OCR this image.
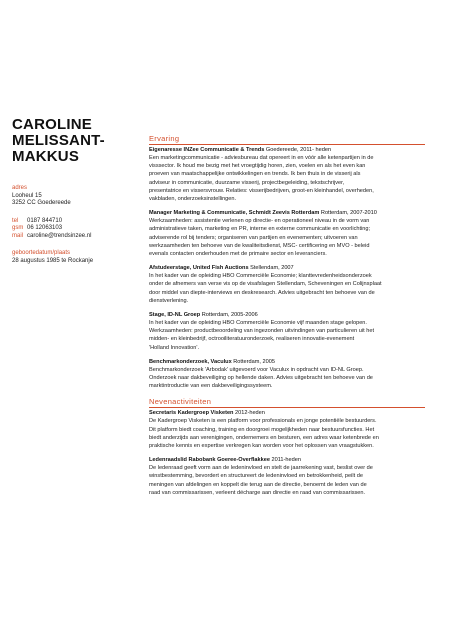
CAROLINE
MELISSANT-
MAKKUS
adres
Looheul 15
3252 CC Goedereede
tel	0187 844710
gsm 06 12063103
mail caroline@trendsinzee.nl
geboortedatum/plaats
28 augustus 1985 te Rockanje
Ervaring
Eigenaresse INZee Communicatie & Trends Goedereede, 2011- heden
Een marketingcommunicatie - adviesbureau dat opereert in en vóór alle ketenpartijen in de
visssector. Ik houd me bezig met het vroegtijdig horen, zien, voelen en als het even kan
proeven van maatschappelijke ontwikkelingen en trends. Ik ben thuis in de visserij als
adviseur in communicatie, duurzame visserij, projectbegeleiding, tekstschrijver,
presentatrice en vissersvrouw. Relaties: visserijbedrijven, groot-en kleinhandel, overheden,
vakbladen, onderzoeksinstellingen.
Manager Marketing & Communicatie, Schmidt Zeevis Rotterdam Rotterdam, 2007-2010
Werkzaamheden: assistentie verlenen op directie- en operationeel niveau in de vorm van
administratieve taken, marketing en PR, interne en externe communicatie en voorlichting;
adviserende rol bij tenders; organiseren van partijen en evenementen; uitvoeren van
werkzaamheden ten behoeve van de kwaliteitsdienst, MSC- certificering en MVO - beleid
evenals contacten onderhouden met de primaire sector en leveranciers.
Afstudeerstage, United Fish Auctions Stellendam, 2007
In het kader van de opleiding HBO Commerciële Economie; klanttevredenheidsonderzoek
onder de afnemers van verse vis op de visafslagen Stellendam, Scheveningen en Colijnsplaat
door middel van diepte-interviews en deskresearch. Advies uitgebracht ten behoeve van de
dienstverlening.
Stage, ID-NL Groep Rotterdam, 2005-2006
In het kader van de opleiding HBO Commerciële Economie vijf maanden stage gelopen.
Werkzaamheden: productbeoordeling van ingezonden uitvindingen van particulieren uit het
midden- en kleinbedrijf, octrooiliteratuuronderzoek, realiseren innovatie-evenement
'Holland Innovation'.
Benchmarkonderzoek, Vaculux Rotterdam, 2005
Benchmarkonderzoek 'Arbodak' uitgevoerd voor Vaculux in opdracht van ID-NL Groep.
Onderzoek naar dakbeveiliging op hellende daken. Advies uitgebracht ten behoeve van de
marktintroductie van een dakbeveiligingssysteem.
Nevenactiviteiten
Secretaris Kadergroep Visketen 2012-heden
De Kadergroep Visketen is een platform voor professionals en jonge potentiële bestuurders.
Dit platform biedt coaching, training en doorgroei mogelijkheden naar bestuursfuncties. Het
biedt anderzijds aan verenigingen, ondernemers en besturen, een adres waar ketenbrede en
praktische kennis en expertise verkregen kan worden voor het oplossen van vraagstukken.
Ledenraadslid Rabobank Goeree-Overflakkee 2011-heden
De ledenraad geeft vorm aan de ledeninvloed en stelt de jaarrekening vast, beslist over de
winstbestemming, bevordert en structureert de ledeninvloed en betrokkenheid, peilt de
meningen van afdelingen en koppelt die terug aan de directie, benoemt de leden van de
raad van commissarissen, verleent décharge aan directie en raad van commissarissen.
